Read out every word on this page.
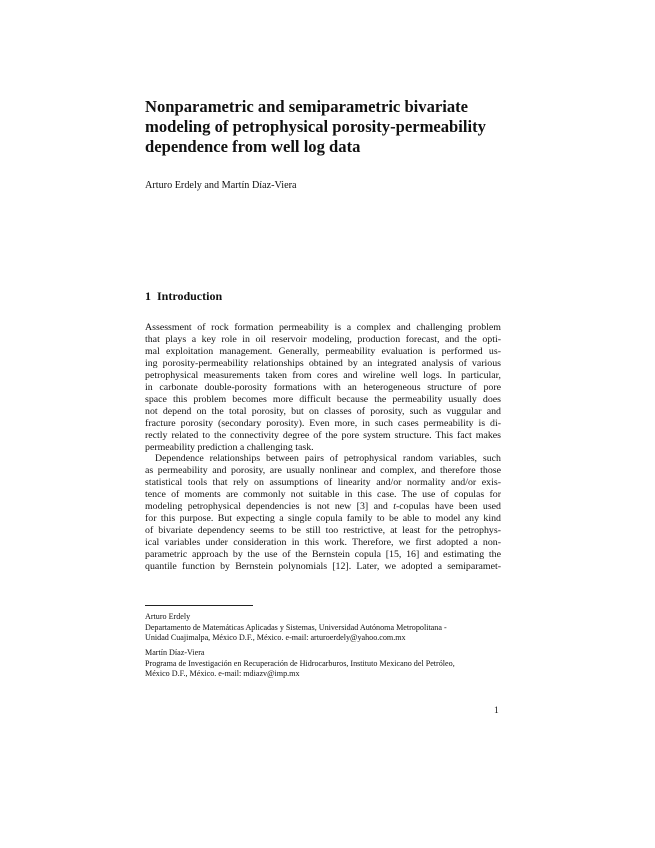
Nonparametric and semiparametric bivariate
modeling of petrophysical porosity-permeability
dependence from well log data

Arturo Erdely and Martín Díaz-Viera

1 Introduction

Assessment of rock formation permeability is a complex and challenging problem
that plays a key role in oil reservoir modeling, production forecast, and the opti-
mal exploitation management. Generally, permeability evaluation is performed us-
ing porosity-permeability relationships obtained by an integrated analysis of various
petrophysical measurements taken from cores and wireline well logs. In particular,
in carbonate double-porosity formations with an heterogeneous structure of pore
space this problem becomes more difficult because the permeability usually does
not depend on the total porosity, but on classes of porosity, such as vuggular and
fracture porosity (secondary porosity). Even more, in such cases permeability is di-
rectly related to the connectivity degree of the pore system structure. This fact makes
permeability prediction a challenging task.

Dependence relationships between pairs of petrophysical random variables, such
as permeability and porosity, are usually nonlinear and complex, and therefore those
statistical tools that rely on assumptions of linearity and/or normality and/or exis-
tence of moments are commonly not suitable in this case. The use of copulas for
modeling petrophysical dependencies is not new [3] and t-copulas have been used
for this purpose. But expecting a single copula family to be able to model any kind
of bivariate dependency seems to be still too restrictive, at least for the petrophys-
ical variables under consideration in this work. Therefore, we first adopted a non-
parametric approach by the use of the Bernstein copula [15, 16] and estimating the
quantile function by Bernstein polynomials [12]. Later, we adopted a semiparamet-

Arturo Erdely
Departamento de Matemáticas Aplicadas y Sistemas, Universidad Autónoma Metropolitana -
Unidad Cuajimalpa, México D.F., México. e-mail: arturoerdely@yahoo.com.mx

Martín Díaz-Viera
Programa de Investigación en Recuperación de Hidrocarburos, Instituto Mexicano del Petróleo,
México D.F., México. e-mail: mdiazv@imp.mx

1
